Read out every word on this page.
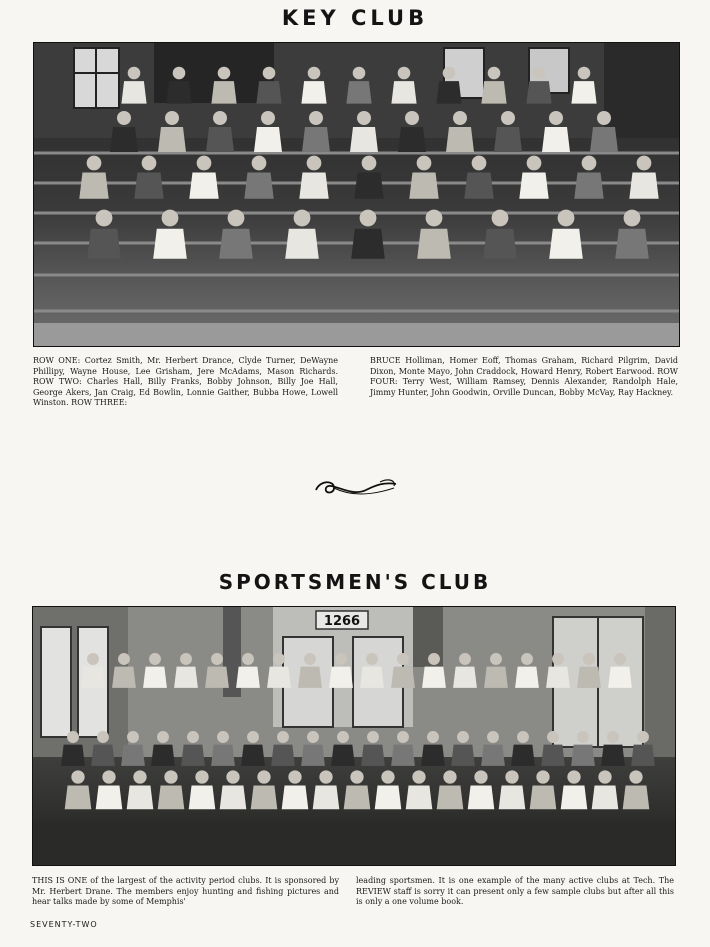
KEY CLUB

ROW ONE: Cortez Smith, Mr. Herbert Drance, Clyde Turner, DeWayne Phillipy, Wayne House, Lee Grisham, Jere McAdams, Mason Richards. ROW TWO: Charles Hall, Billy Franks, Bobby Johnson, Billy Joe Hall, George Akers, Jan Craig, Ed Bowlin, Lonnie Gaither, Bubba Howe, Lowell Winston. ROW THREE:

BRUCE Holliman, Homer Eoff, Thomas Graham, Richard Pilgrim, David Dixon, Monte Mayo, John Craddock, Howard Henry, Robert Earwood. ROW FOUR: Terry West, William Ramsey, Dennis Alexander, Randolph Hale, Jimmy Hunter, John Goodwin, Orville Duncan, Bobby McVay, Ray Hackney.

SPORTSMEN'S CLUB
1266

THIS IS ONE of the largest of the activity period clubs. It is sponsored by Mr. Herbert Drane. The members enjoy hunting and fishing pictures and hear talks made by some of Memphis'

leading sportsmen. It is one example of the many active clubs at Tech. The REVIEW staff is sorry it can present only a few sample clubs but after all this is only a one volume book.

SEVENTY-TWO
